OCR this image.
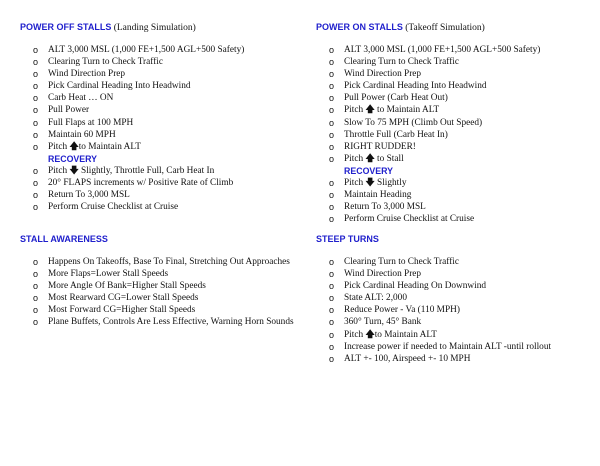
POWER OFF STALLS (Landing Simulation)
o ALT 3,000 MSL (1,000 FE+1,500 AGL+500 Safety)
o Clearing Turn to Check Traffic
o Wind Direction Prep
o Pick Cardinal Heading Into Headwind
o Carb Heat … ON
o Pull Power
o Full Flaps at 100 MPH
o Maintain 60 MPH
o Pitch 🡅to Maintain ALT
RECOVERY
o Pitch 🡇 Slightly, Throttle Full, Carb Heat In
o 20° FLAPS increments w/ Positive Rate of Climb
o Return To 3,000 MSL
o Perform Cruise Checklist at Cruise
POWER ON STALLS (Takeoff Simulation)
o ALT 3,000 MSL (1,000 FE+1,500 AGL+500 Safety)
o Clearing Turn to Check Traffic
o Wind Direction Prep
o Pick Cardinal Heading Into Headwind
o Pull Power (Carb Heat Out)
o Pitch 🡅 to Maintain ALT
o Slow To 75 MPH (Climb Out Speed)
o Throttle Full (Carb Heat In)
o RIGHT RUDDER!
o Pitch 🡅 to Stall
RECOVERY
o Pitch 🡇 Slightly
o Maintain Heading
o Return To 3,000 MSL
o Perform Cruise Checklist at Cruise
STALL AWARENESS
o Happens On Takeoffs, Base To Final, Stretching Out Approaches
o More Flaps=Lower Stall Speeds
o More Angle Of Bank=Higher Stall Speeds
o Most Rearward CG=Lower Stall Speeds
o Most Forward CG=Higher Stall Speeds
o Plane Buffets, Controls Are Less Effective, Warning Horn Sounds
STEEP TURNS
o Clearing Turn to Check Traffic
o Wind Direction Prep
o Pick Cardinal Heading On Downwind
o State ALT: 2,000
o Reduce Power - Va (110 MPH)
o 360° Turn, 45° Bank
o Pitch 🡅to Maintain ALT
o Increase power if needed to Maintain ALT -until rollout
o ALT +- 100, Airspeed +- 10 MPH
